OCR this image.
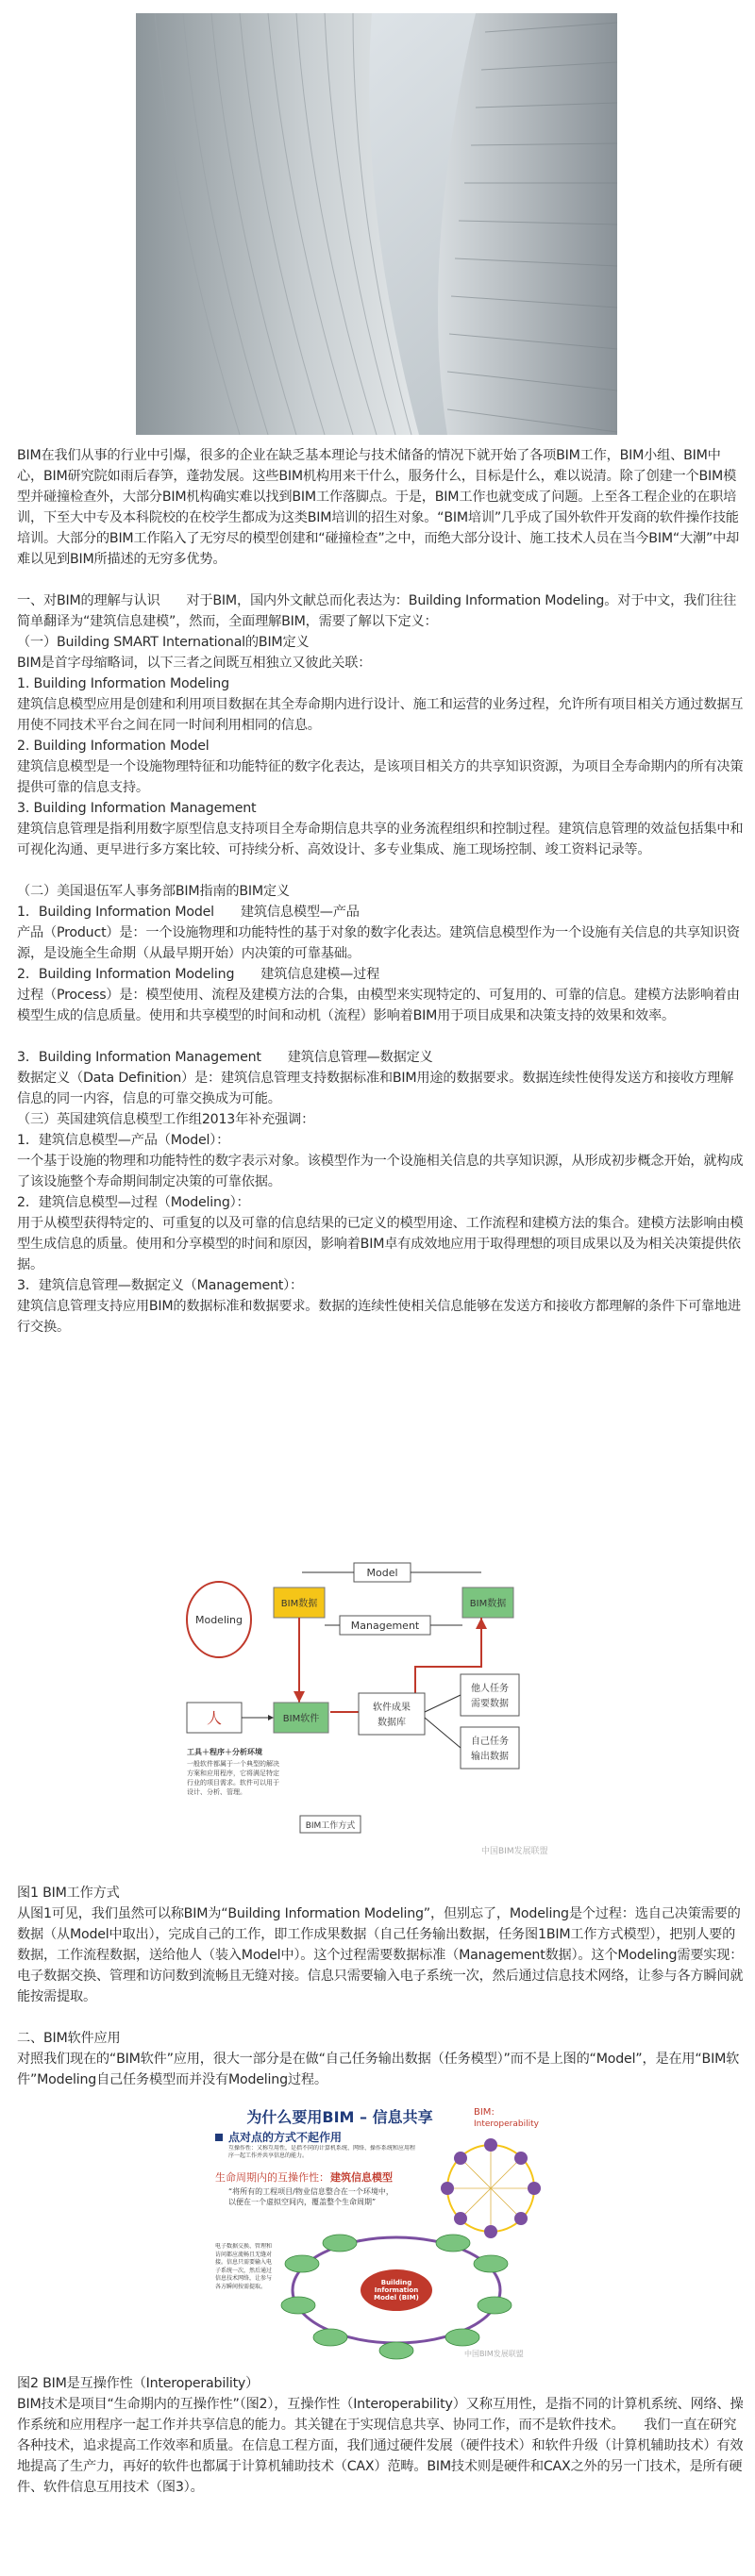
BIM在我们从事的行业中引爆，很多的企业在缺乏基本理论与技术储备的情况下就开始了各项BIM工作，BIM小组、BIM中心，BIM研究院如雨后春笋，蓬勃发展。这些BIM机构用来干什么，服务什么，目标是什么，难以说清。除了创建一个BIM模型并碰撞检查外，大部分BIM机构确实难以找到BIM工作落脚点。于是，BIM工作也就变成了问题。上至各工程企业的在职培训，下至大中专及本科院校的在校学生都成为这类BIM培训的招生对象。“BIM培训”几乎成了国外软件开发商的软件操作技能培训。大部分的BIM工作陷入了无穷尽的模型创建和“碰撞检查”之中，而绝大部分设计、施工技术人员在当今BIM“大潮”中却难以见到BIM所描述的无穷多优势。
一、对BIM的理解与认识　　对于BIM，国内外文献总而化表达为：Building Information Modeling。对于中文，我们往往简单翻译为“建筑信息建模”，然而，全面理解BIM，需要了解以下定义：
（一）Building SMART International的BIM定义
BIM是首字母缩略词，以下三者之间既互相独立又彼此关联：
1. Building Information Modeling
建筑信息模型应用是创建和利用项目数据在其全寿命期内进行设计、施工和运营的业务过程，允许所有项目相关方通过数据互用使不同技术平台之间在同一时间利用相同的信息。
2. Building Information Model
建筑信息模型是一个设施物理特征和功能特征的数字化表达，是该项目相关方的共享知识资源，为项目全寿命期内的所有决策提供可靠的信息支持。
3. Building Information Management
建筑信息管理是指利用数字原型信息支持项目全寿命期信息共享的业务流程组织和控制过程。建筑信息管理的效益包括集中和可视化沟通、更早进行多方案比较、可持续分析、高效设计、多专业集成、施工现场控制、竣工资料记录等。
（二）美国退伍军人事务部BIM指南的BIM定义
1．Building Information Model　　建筑信息模型—产品
产品（Product）是：一个设施物理和功能特性的基于对象的数字化表达。建筑信息模型作为一个设施有关信息的共享知识资源，是设施全生命期（从最早期开始）内决策的可靠基础。
2．Building Information Modeling　　建筑信息建模—过程
过程（Process）是：模型使用、流程及建模方法的合集，由模型来实现特定的、可复用的、可靠的信息。建模方法影响着由模型生成的信息质量。使用和共享模型的时间和动机（流程）影响着BIM用于项目成果和决策支持的效果和效率。
3．Building Information Management　　建筑信息管理—数据定义
数据定义（Data Definition）是：建筑信息管理支持数据标准和BIM用途的数据要求。数据连续性使得发送方和接收方理解信息的同一内容，信息的可靠交换成为可能。
（三）英国建筑信息模型工作组2013年补充强调：
1．建筑信息模型—产品（Model）：
一个基于设施的物理和功能特性的数字表示对象。该模型作为一个设施相关信息的共享知识源，从形成初步概念开始，就构成了该设施整个寿命期间制定决策的可靠依据。
2．建筑信息模型—过程（Modeling）：
用于从模型获得特定的、可重复的以及可靠的信息结果的已定义的模型用途、工作流程和建模方法的集合。建模方法影响由模型生成信息的质量。使用和分享模型的时间和原因，影响着BIM卓有成效地应用于取得理想的项目成果以及为相关决策提供依据。
3．建筑信息管理—数据定义（Management）：
建筑信息管理支持应用BIM的数据标准和数据要求。数据的连续性使相关信息能够在发送方和接收方都理解的条件下可靠地进行交换。
Modeling
Model
BIM数据	BIM数据
Management
人	BIM软件
软件成果
数据库
他人任务
需要数据
自己任务
输出数据
工具＋程序＋分析环境
一般软件都属于一个典型的解决方案和应用程序，它将满足特定行业的项目需求。软件可以用于设计、分析、管理。
BIM工作方式
中国BIM发展联盟
图1 BIM工作方式
从图1可见，我们虽然可以称BIM为“Building Information Modeling”，但别忘了，Modeling是个过程：选自己决策需要的数据（从Model中取出），完成自己的工作，即工作成果数据（自己任务输出数据，任务图1BIM工作方式模型），把别人要的数据，工作流程数据，送给他人（装入Model中）。这个过程需要数据标准（Management数据）。这个Modeling需要实现：电子数据交换、管理和访问数到流畅且无缝对接。信息只需要输入电子系统一次，然后通过信息技术网络，让参与各方瞬间就能按需提取。
二、BIM软件应用
对照我们现在的“BIM软件”应用，很大一部分是在做“自己任务输出数据（任务模型）”而不是上图的“Model”，是在用“BIM软件”Modeling自己任务模型而并没有Modeling过程。
为什么要用BIM – 信息共享	BIM:
Interoperability
点对点的方式不起作用
互操作性：又称互用性，是指不同的计算机系统、网络、操作系统和应用程序一起工作并共享信息的能力。
生命周期内的互操作性： 建筑信息模型
“将所有的工程项目/物业信息整合在一个环境中，以便在一个虚拟空间内，覆盖整个生命周期”
电子数据交换、管理和访问都应流畅且无缝对接。信息只需要输入电子系统一次，然后通过信息技术网络，让参与各方瞬间按需提取。	Building Information Model (BIM)
中国BIM发展联盟
图2 BIM是互操作性（Interoperability）
BIM技术是项目“生命期内的互操作性”（图2），互操作性（Interoperability）又称互用性，是指不同的计算机系统、网络、操作系统和应用程序一起工作并共享信息的能力。其关键在于实现信息共享、协同工作，而不是软件技术。　　我们一直在研究各种技术，追求提高工作效率和质量。在信息工程方面，我们通过硬件发展（硬件技术）和软件升级（计算机辅助技术）有效地提高了生产力，再好的软件也都属于计算机辅助技术（CAX）范畴。BIM技术则是硬件和CAX之外的另一门技术，是所有硬件、软件信息互用技术（图3）。
